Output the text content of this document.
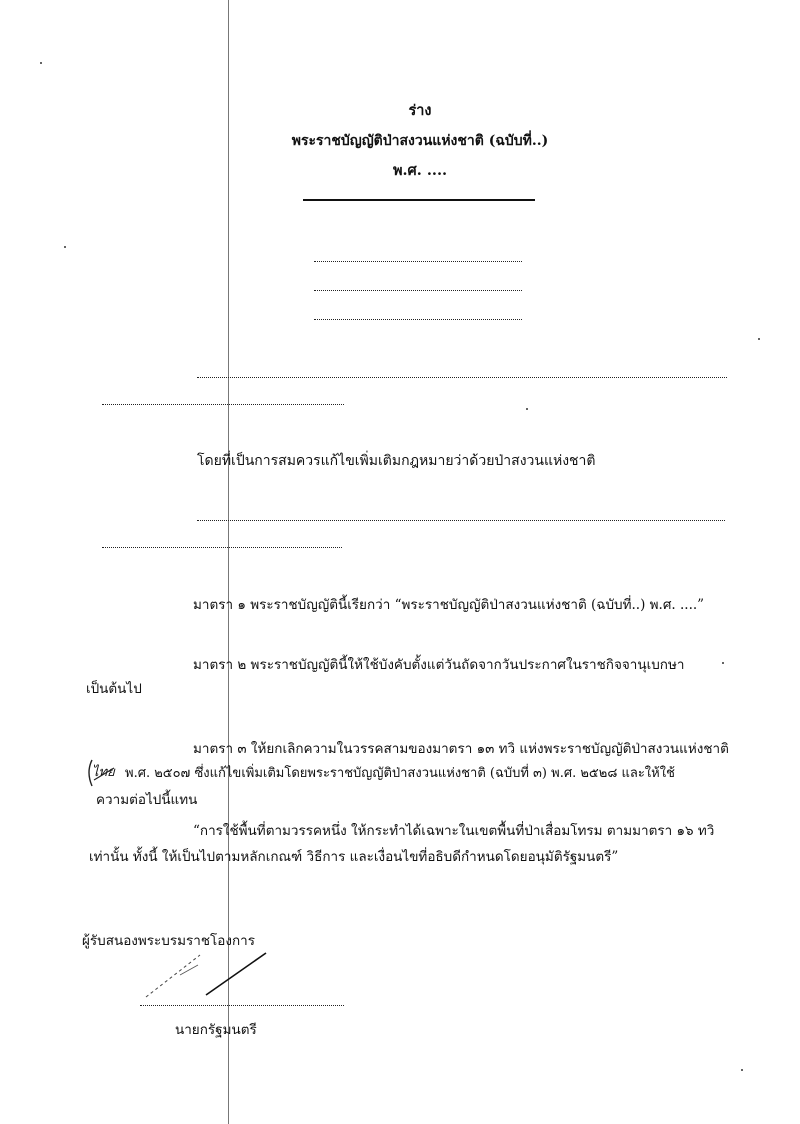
ร่าง
พระราชบัญญัติป่าสงวนแห่งชาติ (ฉบับที่..)
พ.ศ. ....
โดยที่เป็นการสมควรแก้ไขเพิ่มเติมกฎหมายว่าด้วยป่าสงวนแห่งชาติ
มาตรา ๑ พระราชบัญญัตินี้เรียกว่า “พระราชบัญญัติป่าสงวนแห่งชาติ (ฉบับที่..) พ.ศ. ....”
มาตรา ๒ พระราชบัญญัตินี้ให้ใช้บังคับตั้งแต่วันถัดจากวันประกาศในราชกิจจานุเบกษา
เป็นต้นไป
มาตรา ๓ ให้ยกเลิกความในวรรคสามของมาตรา ๑๓ ทวิ แห่งพระราชบัญญัติป่าสงวนแห่งชาติ
พ.ศ. ๒๕๐๗ ซึ่งแก้ไขเพิ่มเติมโดยพระราชบัญญัติป่าสงวนแห่งชาติ (ฉบับที่ ๓) พ.ศ. ๒๕๒๘ และให้ใช้
ความต่อไปนี้แทน
ไทย
“การใช้พื้นที่ตามวรรคหนึ่ง ให้กระทำได้เฉพาะในเขตพื้นที่ป่าเสื่อมโทรม ตามมาตรา ๑๖ ทวิ
เท่านั้น ทั้งนี้ ให้เป็นไปตามหลักเกณฑ์ วิธีการ และเงื่อนไขที่อธิบดีกำหนดโดยอนุมัติรัฐมนตรี”
ผู้รับสนองพระบรมราชโองการ
นายกรัฐมนตรี
